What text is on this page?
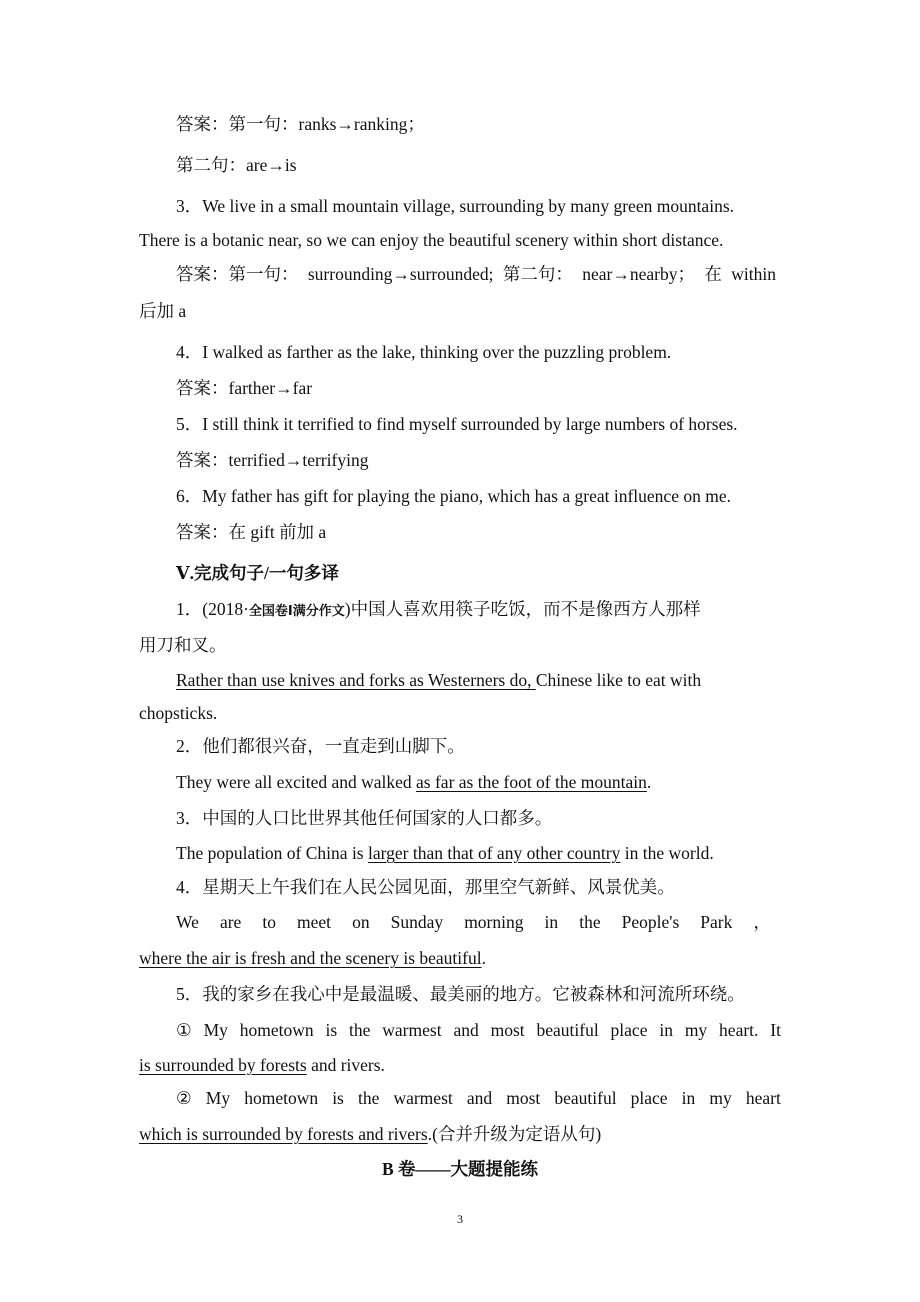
答案：第一句：ranks→ranking；
第二句：are→is
3．We live in a small mountain village, surrounding by many green mountains.
There is a botanic near, so we can enjoy the beautiful scenery within short distance.
答案：第一句： surrounding→surrounded; 第二句： near→nearby； 在 within
后加 a
4．I walked as farther as the lake, thinking over the puzzling problem.
答案：farther→far
5．I still think it terrified to find myself surrounded by large numbers of horses.
答案：terrified→terrifying
6．My father has gift for playing the piano, which has a great influence on me.
答案：在 gift 前加 a
Ⅴ.完成句子/一句多译
1．(2018·全国卷Ⅰ满分作文)中国人喜欢用筷子吃饭，而不是像西方人那样
用刀和叉。
Rather than use knives and forks as Westerners do, Chinese like to eat with
chopsticks.
2．他们都很兴奋，一直走到山脚下。
They were all excited and walked as far as the foot of the mountain.
3．中国的人口比世界其他任何国家的人口都多。
The population of China is larger than that of any other country in the world.
4．星期天上午我们在人民公园见面，那里空气新鲜、风景优美。
We are to meet on Sunday morning in the People's Park ，
where the air is fresh and the scenery is beautiful.
5．我的家乡在我心中是最温暖、最美丽的地方。它被森林和河流所环绕。
① My hometown is the warmest and most beautiful place in my heart. It
is surrounded by forests and rivers.
② My hometown is the warmest and most beautiful place in my heart
which is surrounded by forests and rivers.(合并升级为定语从句)
B 卷——大题提能练
3
